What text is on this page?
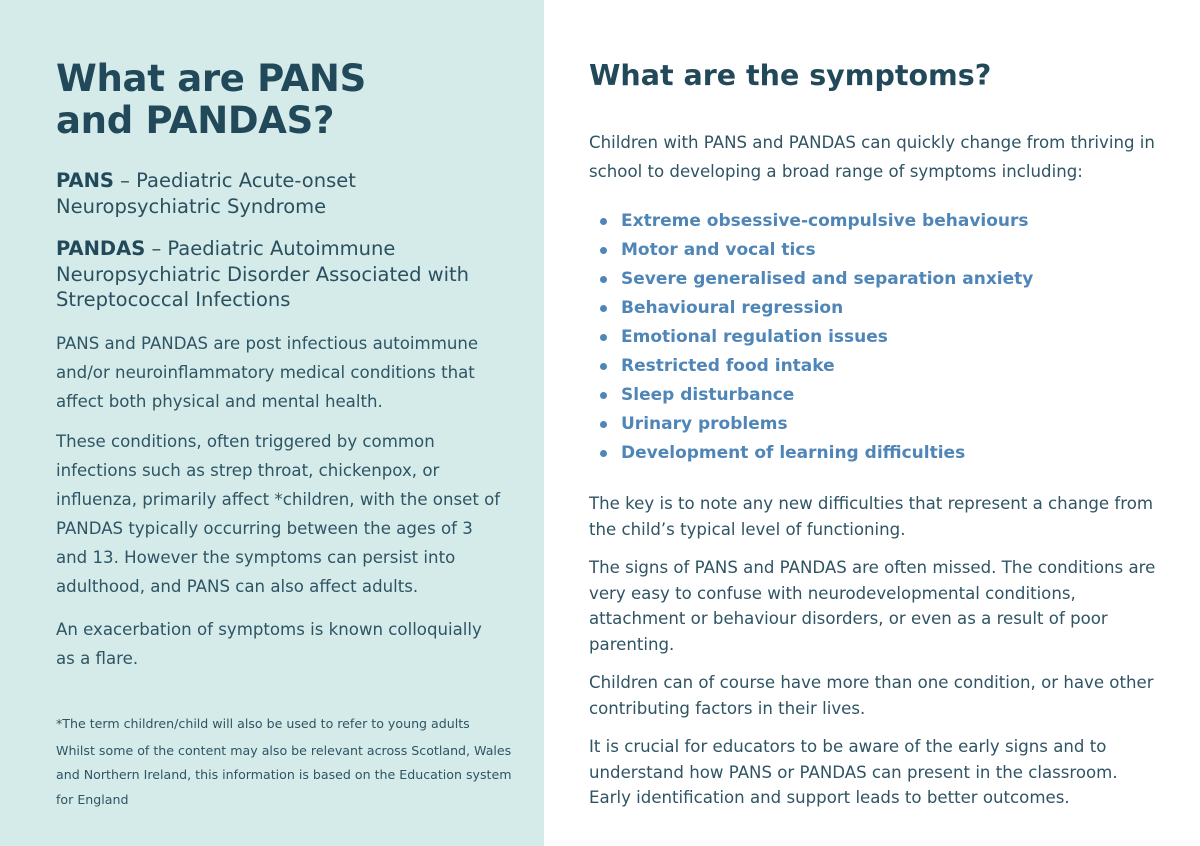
What are PANS
and PANDAS?

PANS – Paediatric Acute-onset Neuropsychiatric Syndrome

PANDAS – Paediatric Autoimmune Neuropsychiatric Disorder Associated with Streptococcal Infections

PANS and PANDAS are post infectious autoimmune and/or neuroinflammatory medical conditions that affect both physical and mental health.

These conditions, often triggered by common infections such as strep throat, chickenpox, or influenza, primarily affect *children, with the onset of PANDAS typically occurring between the ages of 3 and 13. However the symptoms can persist into adulthood, and PANS can also affect adults.

An exacerbation of symptoms is known colloquially as a flare.

*The term children/child will also be used to refer to young adults

Whilst some of the content may also be relevant across Scotland, Wales and Northern Ireland, this information is based on the Education system for England

What are the symptoms?

Children with PANS and PANDAS can quickly change from thriving in school to developing a broad range of symptoms including:

Extreme obsessive-compulsive behaviours
Motor and vocal tics
Severe generalised and separation anxiety
Behavioural regression
Emotional regulation issues
Restricted food intake
Sleep disturbance
Urinary problems
Development of learning difficulties

The key is to note any new difficulties that represent a change from the child’s typical level of functioning.

The signs of PANS and PANDAS are often missed. The conditions are very easy to confuse with neurodevelopmental conditions, attachment or behaviour disorders, or even as a result of poor parenting.

Children can of course have more than one condition, or have other contributing factors in their lives.

It is crucial for educators to be aware of the early signs and to understand how PANS or PANDAS can present in the classroom. Early identification and support leads to better outcomes.
